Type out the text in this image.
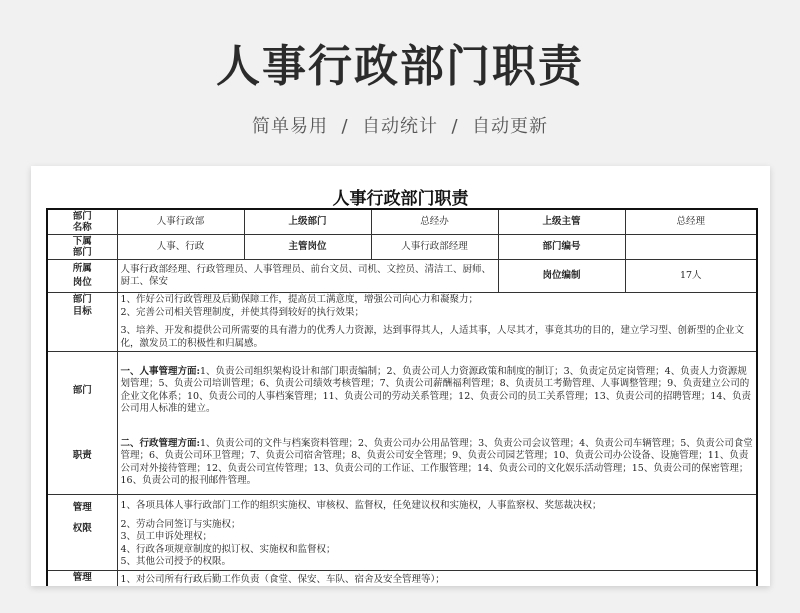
人事行政部门职责
简单易用  /  自动统计  /  自动更新
人事行政部门职责
部门
名称	人事行政部	上级部门	总经办	上级主管	总经理
下属
部门	人事、行政	主管岗位	人事行政部经理	部门编号	
所属
岗位	人事行政部经理、行政管理员、人事管理员、前台文员、司机、文控员、清洁工、厨师、厨工、保安			岗位编制	17人
部门
目标	1、作好公司行政管理及后勤保障工作，提高员工满意度，增强公司向心力和凝聚力；
2、完善公司相关管理制度，并使其得到较好的执行效果；
3、培养、开发和提供公司所需要的具有潜力的优秀人力资源，达到事得其人，人适其事，人尽其才，事竟其功的目的，建立学习型、创新型的企业文化，激发员工的积极性和归属感。				

部门
职责	一、人事管理方面:1、负责公司组织架构设计和部门职责编制；2、负责公司人力资源政策和制度的制订；3、负责定员定岗管理；4、负责人力资源规划管理；5、负责公司培训管理；6、负责公司绩效考核管理；7、负责公司薪酬福利管理；8、负责员工考勤管理、人事调整管理；9、负责建立公司的企业文化体系；10、负责公司的人事档案管理；11、负责公司的劳动关系管理；12、负责公司的员工关系管理；13、负责公司的招聘管理；14、负责公司用人标准的建立。
二、行政管理方面:1、负责公司的文件与档案资料管理；2、负责公司办公用品管理；3、负责公司会议管理；4、负责公司车辆管理；5、负责公司食堂管理；6、负责公司环卫管理；7、负责公司宿舍管理；8、负责公司安全管理；9、负责公司园艺管理；10、负责公司办公设备、设施管理；11、负责公司对外接待管理；12、负责公司宣传管理；13、负责公司的工作证、工作服管理；14、负责公司的文化娱乐活动管理；15、负责公司的保密管理；16、负责公司的报刊邮件管理。				

管理
权限	1、各项具体人事行政部门工作的组织实施权、审核权、监督权，任免建议权和实施权，人事监察权、奖惩裁决权；
2、劳动合同签订与实施权；
3、员工申诉处理权；
4、行政各项规章制度的拟订权、实施权和监督权；
5、其他公司授予的权限。				

管理	1、对公司所有行政后勤工作负责（食堂、保安、车队、宿舍及安全管理等）；				
